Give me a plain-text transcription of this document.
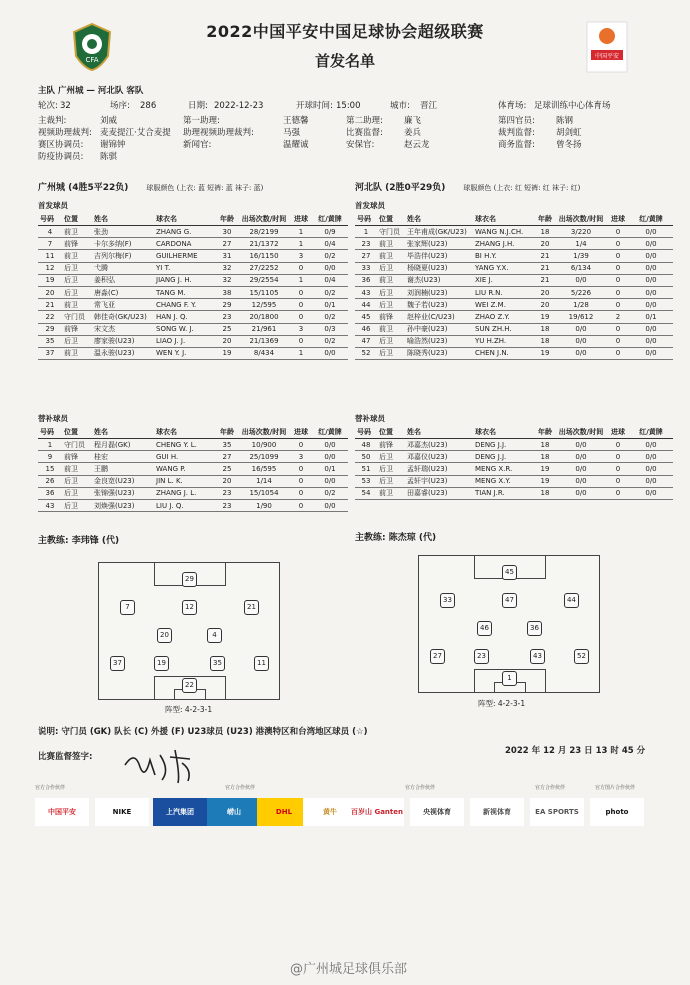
CFA
2022中国平安中国足球协会超级联赛
首发名单	中国平安
主队 广州城 — 河北队 客队
轮次: 32	场序: 286	日期: 2022-12-23	开球时间: 15:00	城市: 晋江	体育场: 足球训练中心体育场
主裁判:	刘威	第一助理:	王德馨	第二助理: 廉飞	第四官员: 陈钢
视频助理裁判: 麦麦提江·艾合麦提 助理视频助理裁判:	马强	比赛监督: 姜兵	裁判监督: 胡剑虹
赛区协调员: 谢锦钟	新闻官:	温耀诚	安保官:	赵云龙	商务监督: 曾冬扬
防疫协调员: 陈骐
广州城 (4胜5平22负)	球服颜色 (上衣: 蓝 短裤: 蓝 袜子: 蓝)
首发球员
号码	位置	姓名	球衣名	年龄	出场次数/时间	进球	红/黄牌
4	前卫	张劲	ZHANG G.	30	28/2199	1	0/9
7	前锋	卡尔多纳(F)	CARDONA	27	21/1372	1	0/4
11	前卫	吉列尔梅(F)	GUILHERME	31	16/1150	3	0/2
12	后卫	弋腾	YI T.	32	27/2252	0	0/0
19	后卫	姜积弘	JIANG J. H.	32	29/2554	1	0/4
20	后卫	唐淼(C)	TANG M.	38	15/1105	0	0/2
21	前卫	常飞亚	CHANG F. Y.	29	12/595	0	0/1
22	守门员	韩佳奇(GK/U23)	HAN J. Q.	23	20/1800	0	0/2
29	前锋	宋文杰	SONG W. J.	25	21/961	3	0/3
35	后卫	廖家骏(U23)	LIAO J. J.	20	21/1369	0	0/2
37	前卫	温永骏(U23)	WEN Y. J.	19	8/434	1	0/0
替补球员
号码	位置	姓名	球衣名	年龄	出场次数/时间	进球	红/黄牌
1	守门员	程月磊(GK)	CHENG Y. L.	35	10/900	0	0/0
9	前锋	桂宏	GUI H.	27	25/1099	3	0/0
15	前卫	王鹏	WANG P.	25	16/595	0	0/1
26	后卫	金良宽(U23)	JIN L. K.	20	1/14	0	0/0
36	后卫	张锦强(U23)	ZHANG J. L.	23	15/1054	0	0/2
43	后卫	刘焕强(U23)	LIU J. Q.	23	1/90	0	0/0
河北队 (2胜0平29负)	球服颜色 (上衣: 红 短裤: 红 袜子: 红)
首发球员
号码	位置	姓名	球衣名	年龄	出场次数/时间	进球	红/黄牌
1	守门员	王年甫成(GK/U23)	WANG N.J.CH.	18	3/220	0	0/0
23	前卫	张家辉(U23)	ZHANG J.H.	20	1/4	0	0/0
27	前卫	毕浩伴(U23)	BI H.Y.	21	1/39	0	0/0
33	后卫	杨晓夏(U23)	YANG Y.X.	21	6/134	0	0/0
36	前卫	谢杰(U23)	XIE J.	21	0/0	0	0/0
43	后卫	刘润楠(U23)	LIU R.N.	20	5/226	0	0/0
44	后卫	魏子若(U23)	WEI Z.M.	20	1/28	0	0/0
45	前锋	赵梓业(C/U23)	ZHAO Z.Y.	19	19/612	2	0/1
46	前卫	孙中豪(U23)	SUN ZH.H.	18	0/0	0	0/0
47	后卫	喻浩然(U23)	YU H.ZH.	18	0/0	0	0/0
52	后卫	陈晓秀(U23)	CHEN J.N.	19	0/0	0	0/0
替补球员
号码	位置	姓名	球衣名	年龄	出场次数/时间	进球	红/黄牌
48	前锋	邓嘉杰(U23)	DENG J.J.	18	0/0	0	0/0
50	后卫	邓嘉仪(U23)	DENG J.J.	18	0/0	0	0/0
51	后卫	孟轩瑞(U23)	MENG X.R.	19	0/0	0	0/0
53	后卫	孟轩宇(U23)	MENG X.Y.	19	0/0	0	0/0
54	前卫	田嘉睿(U23)	TIAN J.R.	18	0/0	0	0/0
主教练: 李玮锋 (代)	主教练: 陈杰琼 (代)
29
7	12	21
20	4
37	19	35	11
22
阵型: 4-2-3-1
45
33	47	44
46	36
27	23	43	52
1
阵型: 4-2-3-1
说明: 守门员 (GK) 队长 (C) 外援 (F) U23球员 (U23) 港澳特区和台湾地区球员 (☆)
比赛监督签字:
2022 年 12 月 23 日 13 时 45 分
官方合作伙伴	官方合作伙伴	官方合作伙伴	官方合作伙伴	官方图片合作伙伴
中国平安	NIKE	上汽集团	崂山	DHL	黄牛	百岁山 Ganten	央视体育	新视体育	EA SPORTS	photo
@广州城足球俱乐部
